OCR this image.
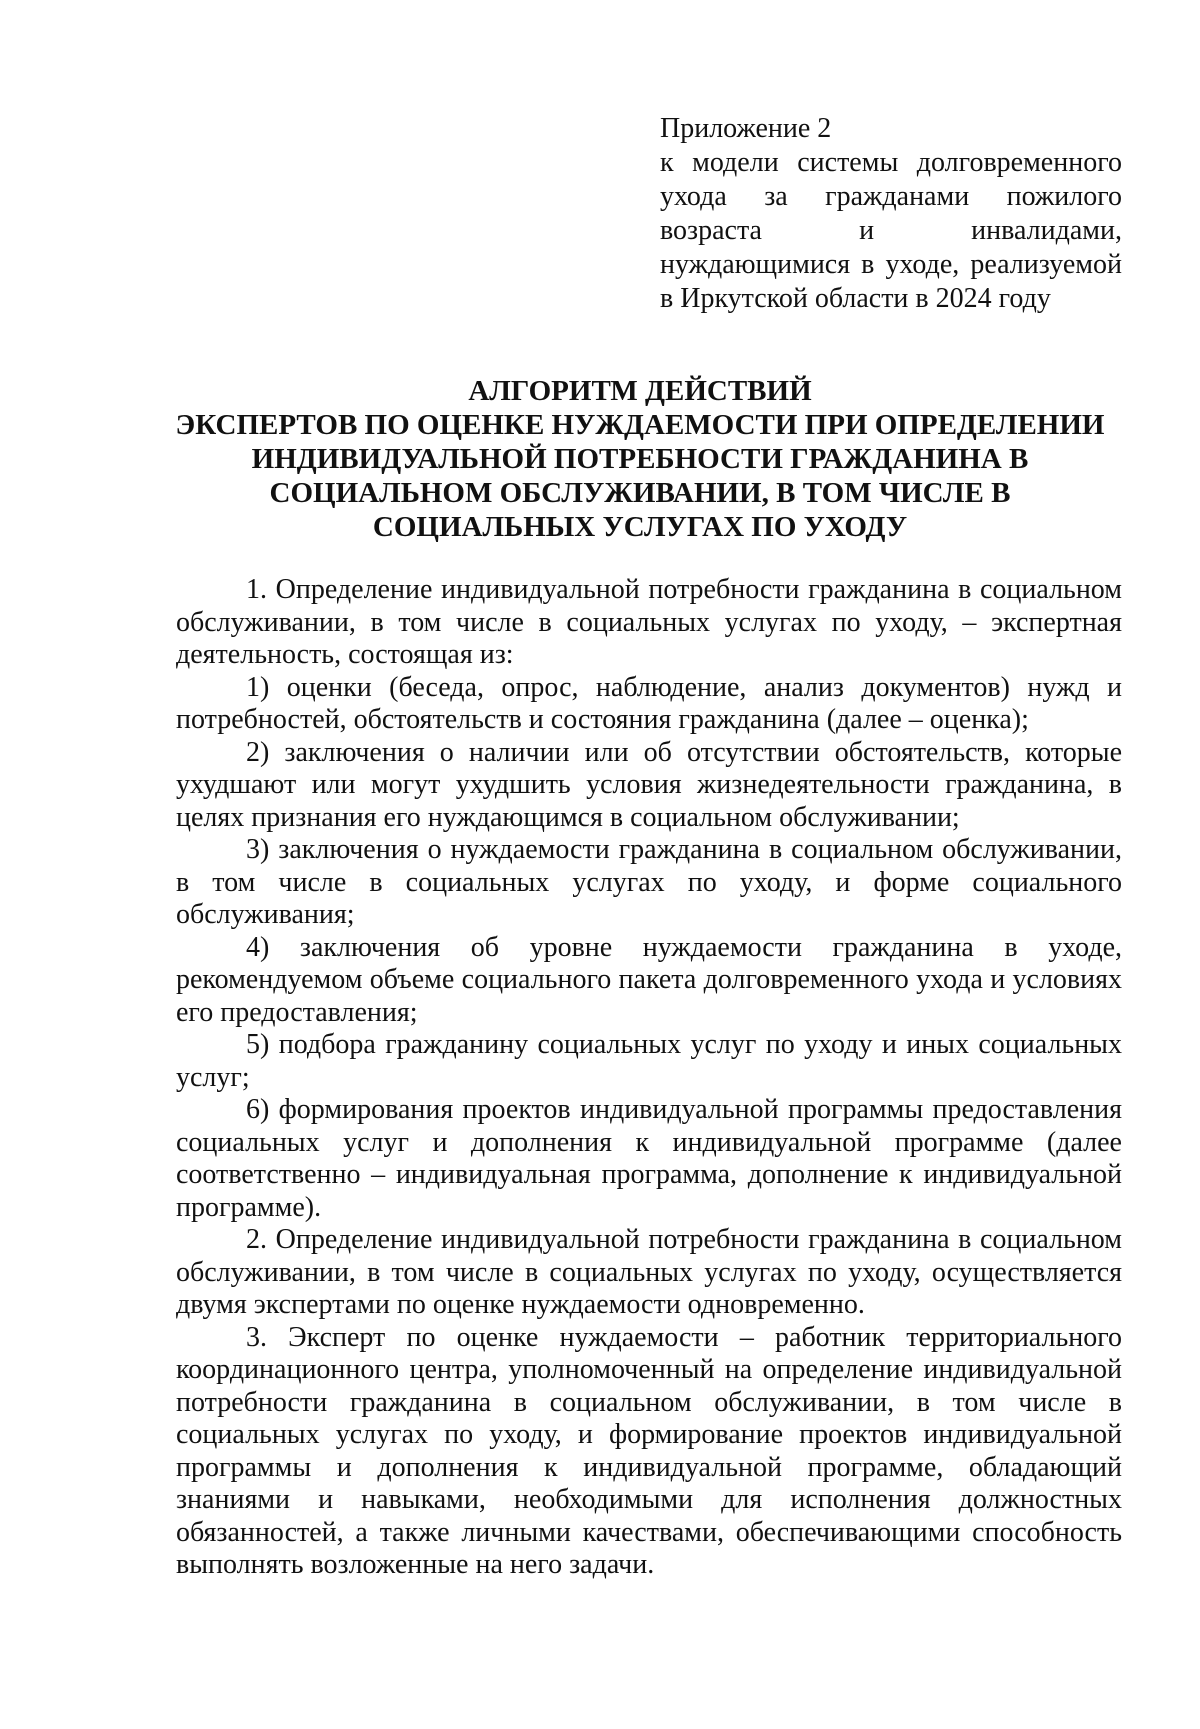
Приложение 2

к модели системы долговременного ухода за гражданами пожилого возраста и инвалидами, нуждающимися в уходе, реализуемой в Иркутской области в 2024 году

АЛГОРИТМ ДЕЙСТВИЙ
ЭКСПЕРТОВ ПО ОЦЕНКЕ НУЖДАЕМОСТИ ПРИ ОПРЕДЕЛЕНИИ
ИНДИВИДУАЛЬНОЙ ПОТРЕБНОСТИ ГРАЖДАНИНА В
СОЦИАЛЬНОМ ОБСЛУЖИВАНИИ, В ТОМ ЧИСЛЕ В
СОЦИАЛЬНЫХ УСЛУГАХ ПО УХОДУ

1. Определение индивидуальной потребности гражданина в социальном обслуживании, в том числе в социальных услугах по уходу, – экспертная деятельность, состоящая из:

1) оценки (беседа, опрос, наблюдение, анализ документов) нужд и потребностей, обстоятельств и состояния гражданина (далее – оценка);

2) заключения о наличии или об отсутствии обстоятельств, которые ухудшают или могут ухудшить условия жизнедеятельности гражданина, в целях признания его нуждающимся в социальном обслуживании;

3) заключения о нуждаемости гражданина в социальном обслуживании, в том числе в социальных услугах по уходу, и форме социального обслуживания;

4) заключения об уровне нуждаемости гражданина в уходе, рекомендуемом объеме социального пакета долговременного ухода и условиях его предоставления;

5) подбора гражданину социальных услуг по уходу и иных социальных услуг;

6) формирования проектов индивидуальной программы предоставления социальных услуг и дополнения к индивидуальной программе (далее соответственно – индивидуальная программа, дополнение к индивидуальной программе).

2. Определение индивидуальной потребности гражданина в социальном обслуживании, в том числе в социальных услугах по уходу, осуществляется двумя экспертами по оценке нуждаемости одновременно.

3. Эксперт по оценке нуждаемости – работник территориального координационного центра, уполномоченный на определение индивидуальной потребности гражданина в социальном обслуживании, в том числе в социальных услугах по уходу, и формирование проектов индивидуальной программы и дополнения к индивидуальной программе, обладающий знаниями и навыками, необходимыми для исполнения должностных обязанностей, а также личными качествами, обеспечивающими способность выполнять возложенные на него задачи.
